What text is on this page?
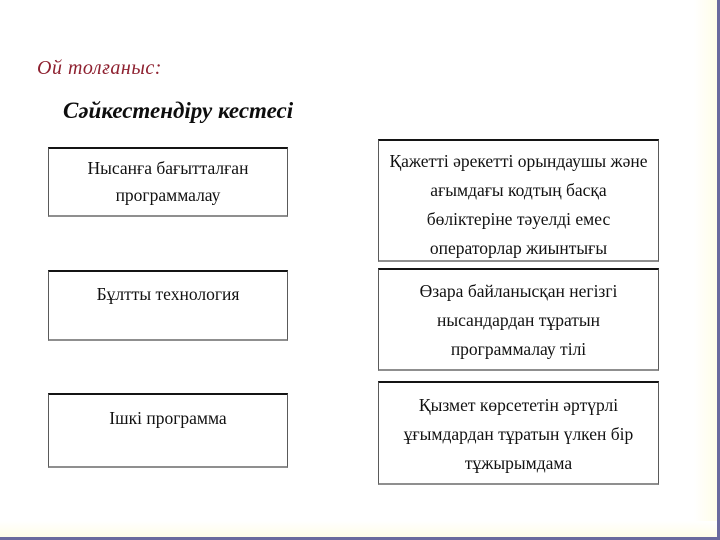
Ой толғаныс:
Сәйкестендіру кестесі
Нысанға бағытталған программалау
Бұлтты технология
Ішкі программа
Қажетті әрекетті орындаушы және ағымдағы кодтың басқа бөліктеріне тәуелді емес операторлар жиынтығы
Өзара байланысқан негізгі нысандардан тұратын программалау тілі
Қызмет көрсететін әртүрлі ұғымдардан тұратын үлкен бір тұжырымдама
